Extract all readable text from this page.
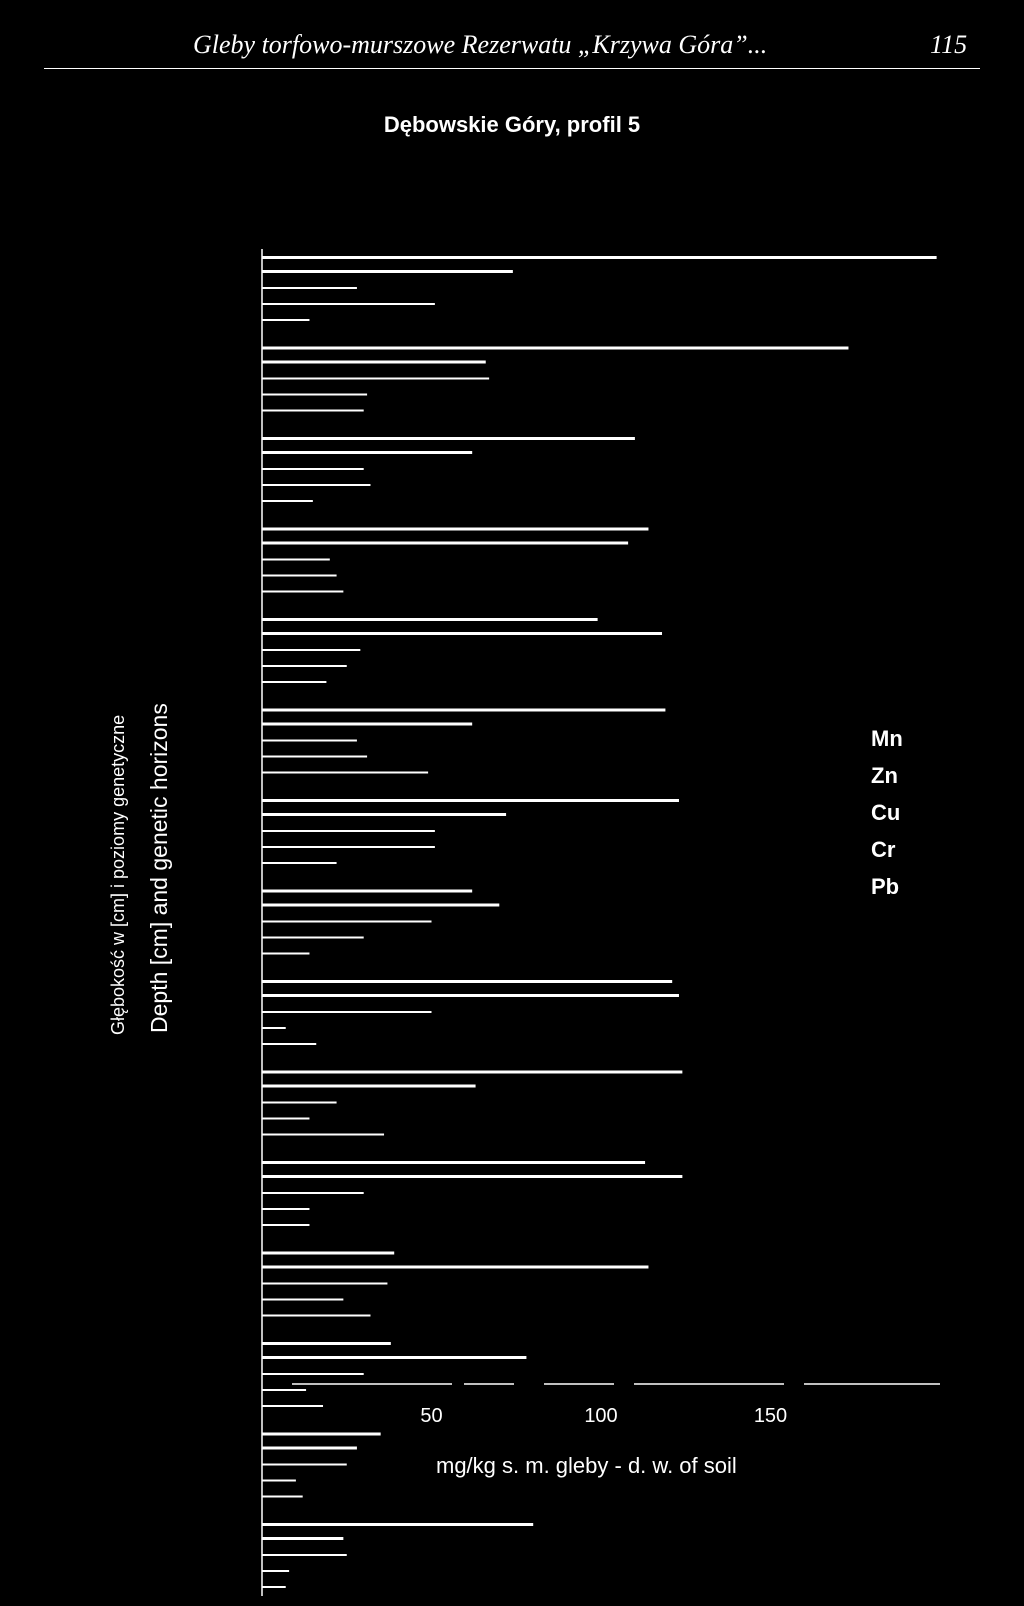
Gleby torfowo-murszowe Rezerwatu „Krzywa Góra”...	115
Dębowskie Góry, profil 5
Głębokość w [cm] i poziomy genetyczne Depth [cm] and genetic horizons
50	100	150
Mn
Zn
Cu
Cr
Pb
mg/kg s. m. gleby - d. w. of soil
